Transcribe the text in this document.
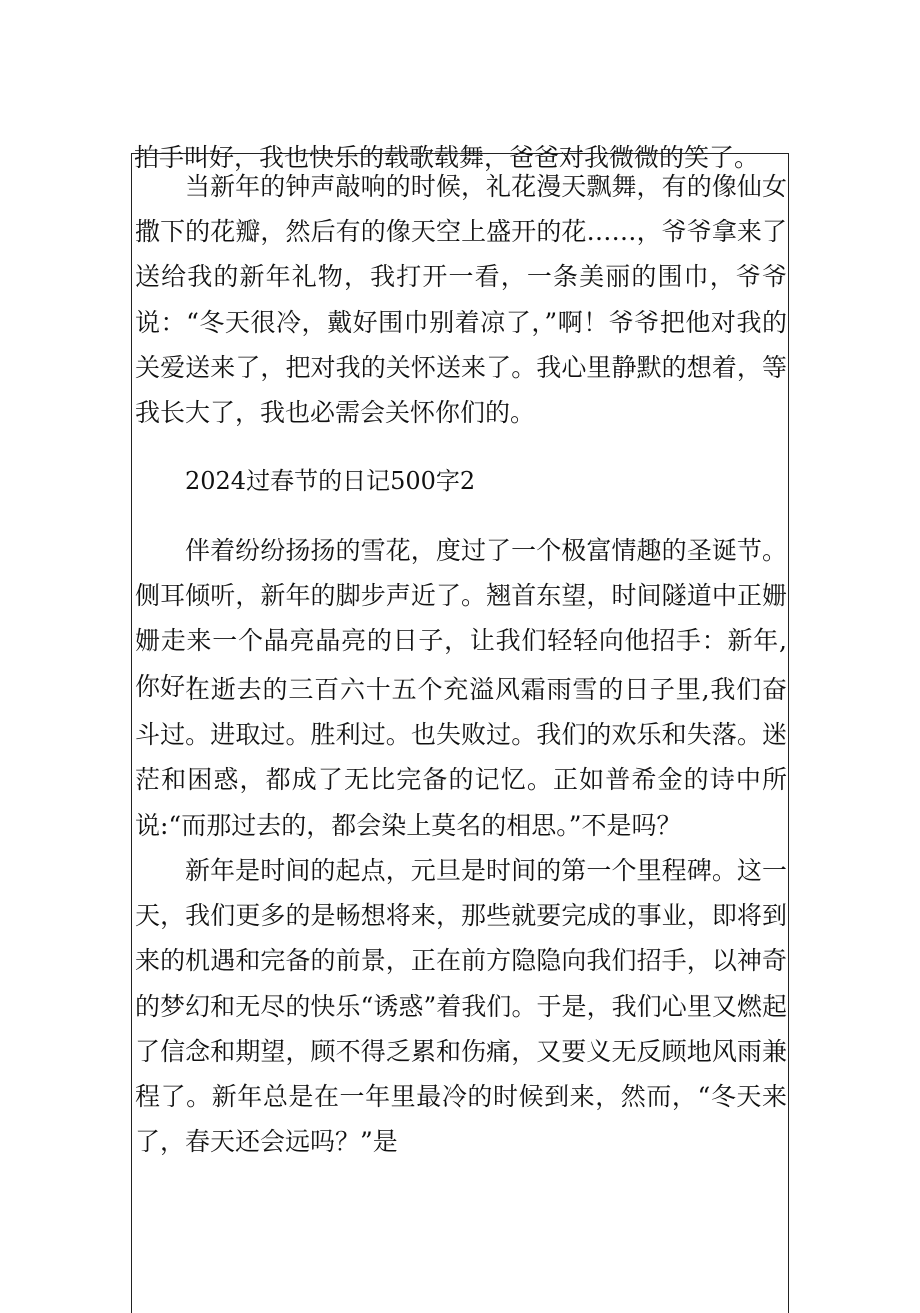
拍手叫好，我也快乐的载歌载舞，爸爸对我微微的笑了。

当新年的钟声敲响的时候，礼花漫天飘舞，有的像仙女撒下的花瓣，然后有的像天空上盛开的花……，爷爷拿来了送给我的新年礼物，我打开一看，一条美丽的围巾，爷爷说：“冬天很冷，戴好围巾别着凉了，”啊！爷爷把他对我的关爱送来了，把对我的关怀送来了。我心里静默的想着，等我长大了，我也必需会关怀你们的。

2024过春节的日记500字2

伴着纷纷扬扬的雪花，度过了一个极富情趣的圣诞节。侧耳倾听，新年的脚步声近了。翘首东望，时间隧道中正姗姗走来一个晶亮晶亮的日子，让我们轻轻向他招手：新年,你好！

在逝去的三百六十五个充溢风霜雨雪的日子里,我们奋斗过。进取过。胜利过。也失败过。我们的欢乐和失落。迷茫和困惑，都成了无比完备的记忆。正如普希金的诗中所说:“而那过去的，都会染上莫名的相思。”不是吗？

新年是时间的起点，元旦是时间的第一个里程碑。这一天，我们更多的是畅想将来，那些就要完成的事业，即将到来的机遇和完备的前景，正在前方隐隐向我们招手，以神奇的梦幻和无尽的快乐“诱惑”着我们。于是，我们心里又燃起了信念和期望，顾不得乏累和伤痛，又要义无反顾地风雨兼程了。新年总是在一年里最冷的时候到来，然而，“冬天来了，春天还会远吗？”是
